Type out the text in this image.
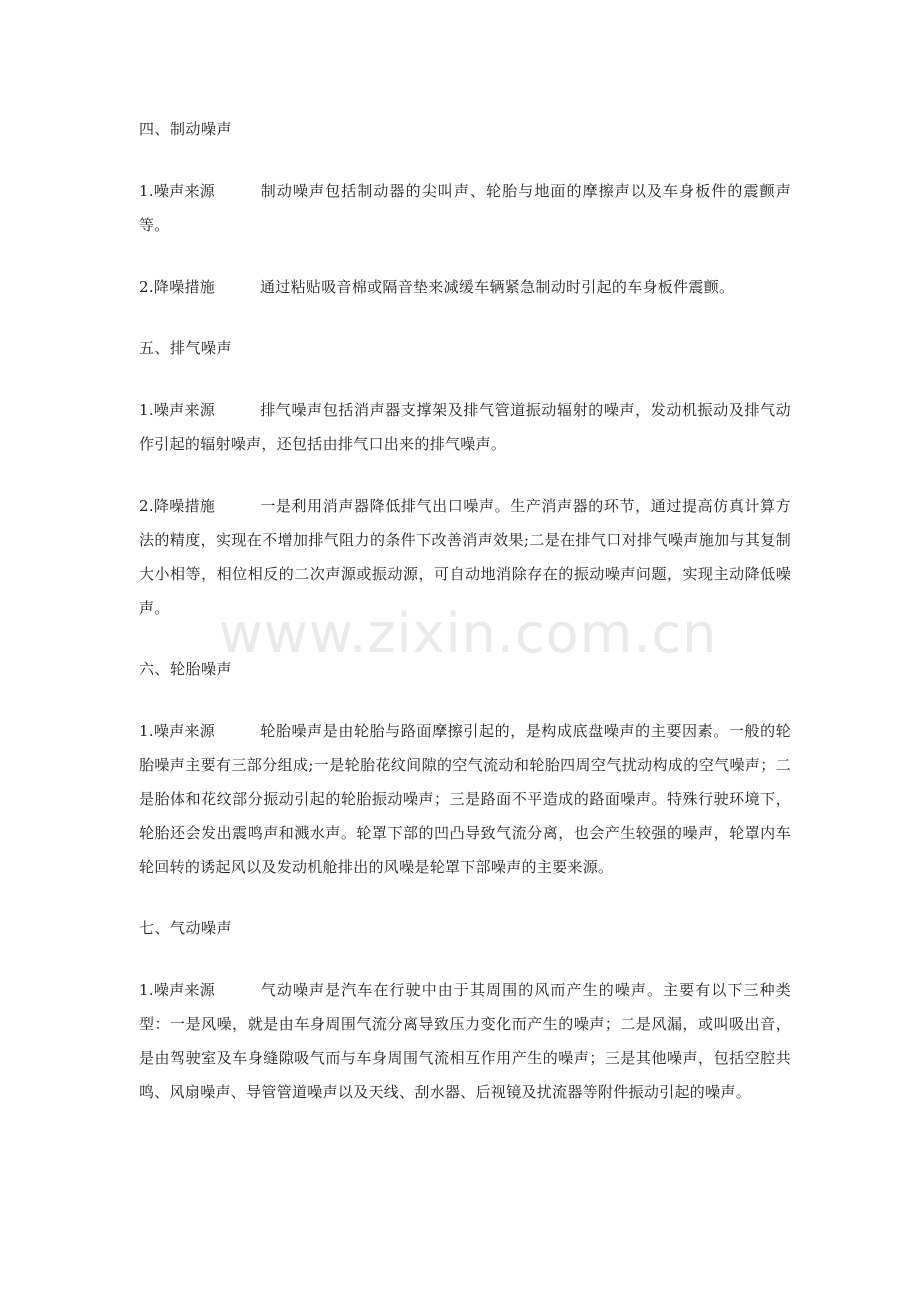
四、制动噪声

1.噪声来源	制动噪声包括制动器的尖叫声、轮胎与地面的摩擦声以及车身板件的震颤声等。

2.降噪措施	通过粘贴吸音棉或隔音垫来减缓车辆紧急制动时引起的车身板件震颤。

五、排气噪声

1.噪声来源	排气噪声包括消声器支撑架及排气管道振动辐射的噪声，发动机振动及排气动作引起的辐射噪声，还包括由排气口出来的排气噪声。

2.降噪措施	一是利用消声器降低排气出口噪声。生产消声器的环节，通过提高仿真计算方法的精度，实现在不增加排气阻力的条件下改善消声效果;二是在排气口对排气噪声施加与其复制大小相等，相位相反的二次声源或振动源，可自动地消除存在的振动噪声问题，实现主动降低噪声。

六、轮胎噪声

1.噪声来源	轮胎噪声是由轮胎与路面摩擦引起的，是构成底盘噪声的主要因素。一般的轮胎噪声主要有三部分组成;一是轮胎花纹间隙的空气流动和轮胎四周空气扰动构成的空气噪声；二是胎体和花纹部分振动引起的轮胎振动噪声；三是路面不平造成的路面噪声。特殊行驶环境下，轮胎还会发出震鸣声和溅水声。轮罩下部的凹凸导致气流分离，也会产生较强的噪声，轮罩内车轮回转的诱起风以及发动机舱排出的风噪是轮罩下部噪声的主要来源。

七、气动噪声

1.噪声来源	气动噪声是汽车在行驶中由于其周围的风而产生的噪声。主要有以下三种类型：一是风噪，就是由车身周围气流分离导致压力变化而产生的噪声；二是风漏，或叫吸出音，是由驾驶室及车身缝隙吸气而与车身周围气流相互作用产生的噪声；三是其他噪声，包括空腔共鸣、风扇噪声、导管管道噪声以及天线、刮水器、后视镜及扰流器等附件振动引起的噪声。

www.zixin.com.cn
